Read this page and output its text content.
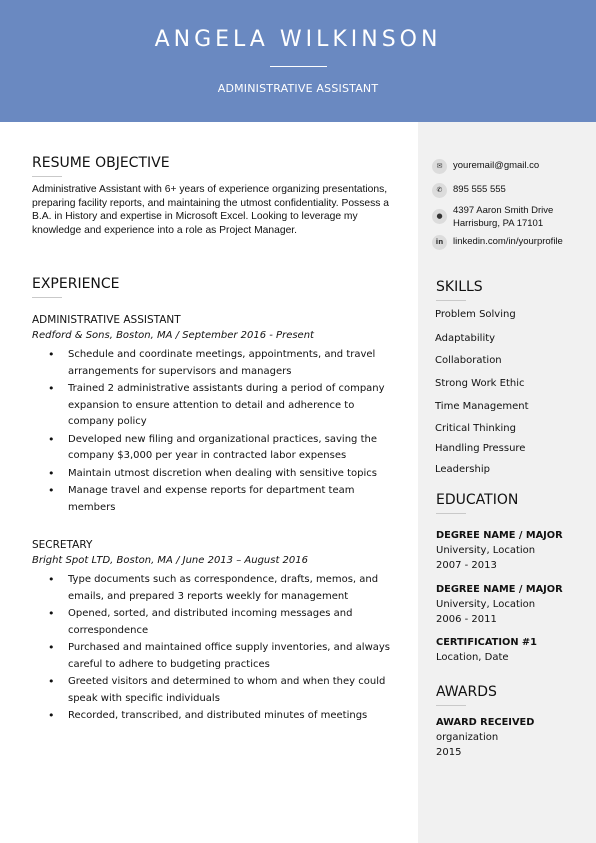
ANGELA WILKINSON
ADMINISTRATIVE ASSISTANT
RESUME OBJECTIVE
Administrative Assistant with 6+ years of experience organizing presentations, preparing facility reports, and maintaining the utmost confidentiality. Possess a B.A. in History and expertise in Microsoft Excel. Looking to leverage my knowledge and experience into a role as Project Manager.
EXPERIENCE
ADMINISTRATIVE ASSISTANT
Redford & Sons, Boston, MA / September 2016 - Present
• Schedule and coordinate meetings, appointments, and travel arrangements for supervisors and managers
• Trained 2 administrative assistants during a period of company expansion to ensure attention to detail and adherence to company policy
• Developed new filing and organizational practices, saving the company $3,000 per year in contracted labor expenses
• Maintain utmost discretion when dealing with sensitive topics
• Manage travel and expense reports for department team members
SECRETARY
Bright Spot LTD, Boston, MA / June 2013 – August 2016
• Type documents such as correspondence, drafts, memos, and emails, and prepared 3 reports weekly for management
• Opened, sorted, and distributed incoming messages and correspondence
• Purchased and maintained office supply inventories, and always careful to adhere to budgeting practices
• Greeted visitors and determined to whom and when they could speak with specific individuals
• Recorded, transcribed, and distributed minutes of meetings
✉	youremail@gmail.co
✆	895 555 555
●
4397 Aaron Smith Drive
Harrisburg, PA 17101
in	linkedin.com/in/yourprofile
SKILLS
Problem Solving
Adaptability
Collaboration
Strong Work Ethic
Time Management
Critical Thinking
Handling Pressure
Leadership
EDUCATION
DEGREE NAME / MAJOR
University, Location
2007 - 2013
DEGREE NAME / MAJOR
University, Location
2006 - 2011
CERTIFICATION #1
Location, Date
AWARDS
AWARD RECEIVED
organization
2015
